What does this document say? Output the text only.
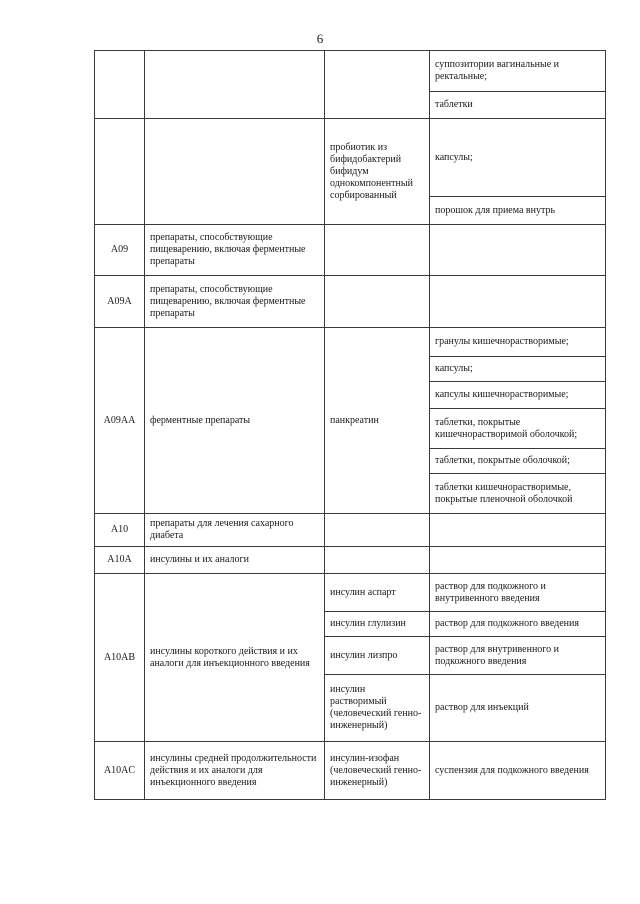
6
			суппозитории вагинальные и ректальные;
			таблетки
		пробиотик из бифидобактерий бифидум однокомпонентный сорбированный	капсулы;
			порошок для приема внутрь
A09	препараты, способствующие пищеварению, включая ферментные препараты		
A09A	препараты, способствующие пищеварению, включая ферментные препараты		
A09AA	ферментные препараты	панкреатин	гранулы кишечнорастворимые;
			капсулы;
			капсулы кишечнорастворимые;
			таблетки, покрытые кишечнорастворимой оболочкой;
			таблетки, покрытые оболочкой;
			таблетки кишечнорастворимые, покрытые пленочной оболочкой
A10	препараты для лечения сахарного диабета		
A10A	инсулины и их аналоги		
A10AB	инсулины короткого действия и их аналоги для инъекционного введения	инсулин аспарт	раствор для подкожного и внутривенного введения
		инсулин глулизин	раствор для подкожного введения
		инсулин лизпро	раствор для внутривенного и подкожного введения
		инсулин растворимый (человеческий генно-инженерный)	раствор для инъекций
A10AC	инсулины средней продолжительности действия и их аналоги для инъекционного введения	инсулин-изофан (человеческий генно-инженерный)	суспензия для подкожного введения
